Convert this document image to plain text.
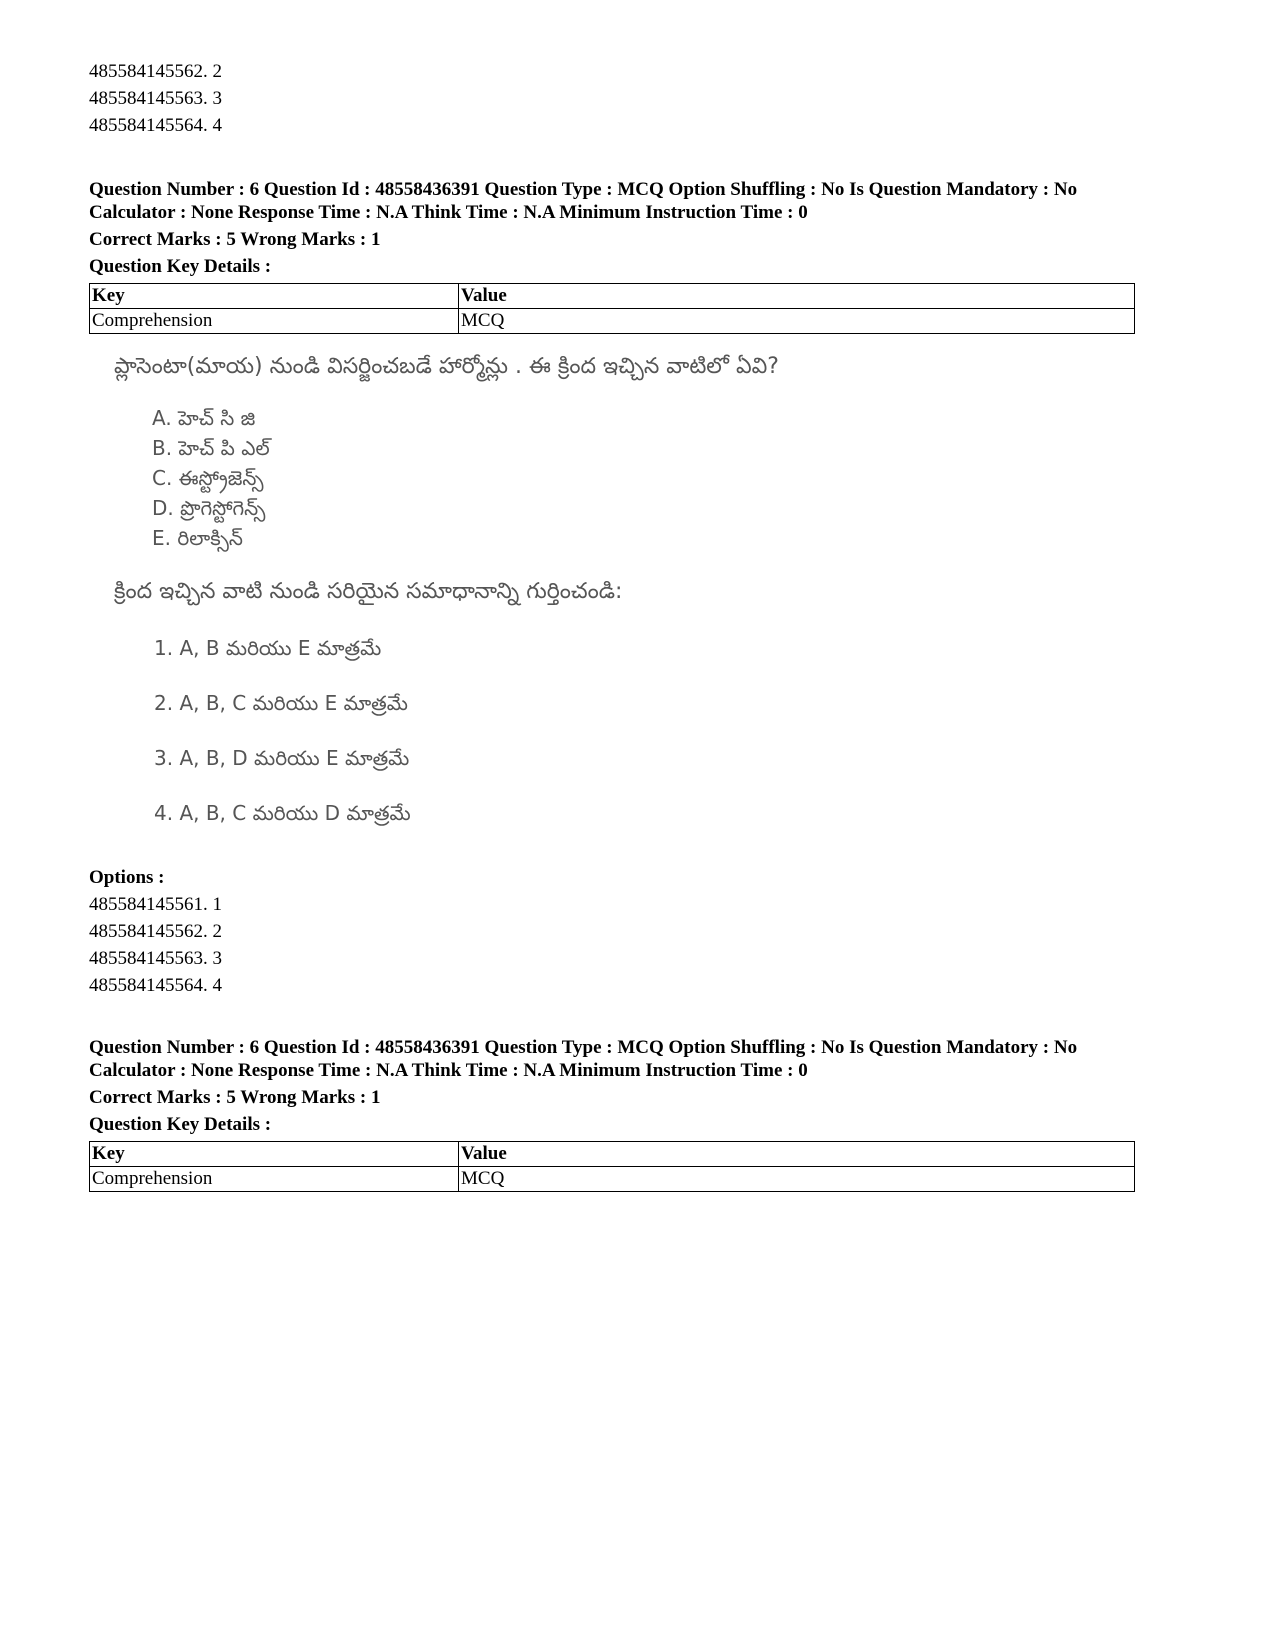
485584145562. 2
485584145563. 3
485584145564. 4
Question Number : 6 Question Id : 48558436391 Question Type : MCQ Option Shuffling : No Is Question Mandatory : No
Calculator : None Response Time : N.A Think Time : N.A Minimum Instruction Time : 0
Correct Marks : 5 Wrong Marks : 1
Question Key Details :
Key	Value
Comprehension	MCQ
ప్లాసెంటా(మాయ) నుండి విసర్జించబడే హార్మోన్లు . ఈ క్రింద ఇచ్చిన వాటిలో ఏవి?
A. హెచ్ సి జి
B. హెచ్ పి ఎల్
C. ఈస్ట్రోజెన్స్
D. ప్రొగెస్టోగెన్స్
E. రిలాక్సిన్
క్రింద ఇచ్చిన వాటి నుండి సరియైన సమాధానాన్ని గుర్తించండి:
1. A, B మరియు E మాత్రమే
2. A, B, C మరియు E మాత్రమే
3. A, B, D మరియు E మాత్రమే
4. A, B, C మరియు D మాత్రమే
Options :
485584145561. 1
485584145562. 2
485584145563. 3
485584145564. 4
Question Number : 6 Question Id : 48558436391 Question Type : MCQ Option Shuffling : No Is Question Mandatory : No
Calculator : None Response Time : N.A Think Time : N.A Minimum Instruction Time : 0
Correct Marks : 5 Wrong Marks : 1
Question Key Details :
Key	Value
Comprehension	MCQ
